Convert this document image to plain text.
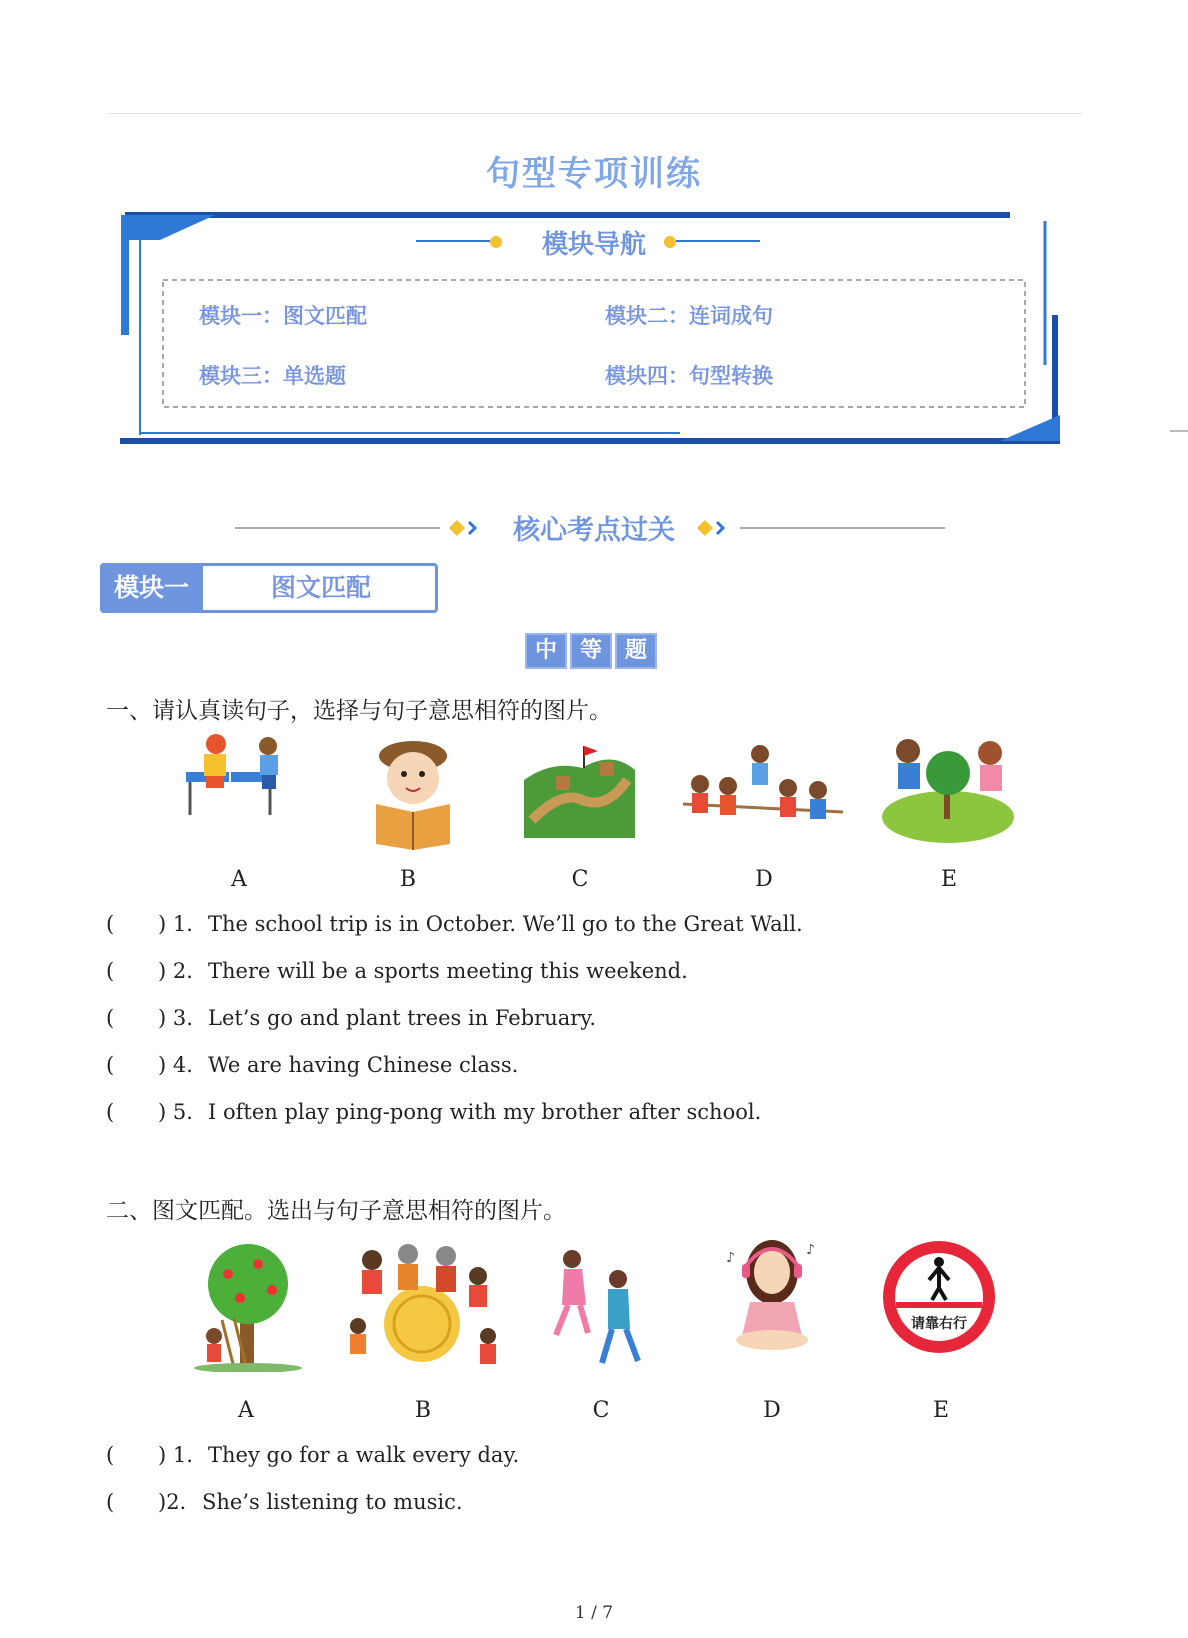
句型专项训练
模块导航
模块一：图文匹配	模块二：连词成句
模块三：单选题	模块四：句型转换
核心考点过关
模块一	图文匹配
中	等	题
一、请认真读句子，选择与句子意思相符的图片。
A	B	C	D	E
( ) 1. The school trip is in October. We’ll go to the Great Wall.
( ) 2. There will be a sports meeting this weekend.
( ) 3. Let’s go and plant trees in February.
( ) 4. We are having Chinese class.
( ) 5. I often play ping-pong with my brother after school.
二、图文匹配。选出与句子意思相符的图片。
♪	♪
请靠右行
A	B	C	D	E
( ) 1. They go for a walk every day.
( )2. She’s listening to music.
1 / 7
